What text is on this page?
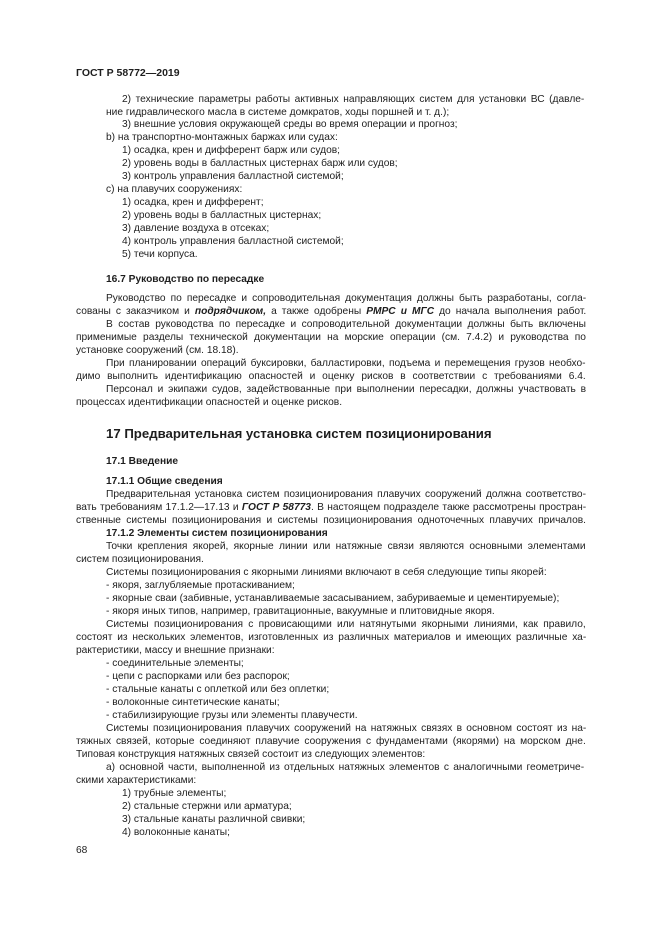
ГОСТ Р 58772—2019

2) технические параметры работы активных направляющих систем для установки ВС (давле-

ние гидравлического масла в системе домкратов, ходы поршней и т. д.);

3) внешние условия окружающей среды во время операции и прогноз;

b) на транспортно-монтажных баржах или судах:

1) осадка, крен и дифферент барж или судов;

2) уровень воды в балластных цистернах барж или судов;

3) контроль управления балластной системой;

c) на плавучих сооружениях:

1) осадка, крен и дифферент;

2) уровень воды в балластных цистернах;

3) давление воздуха в отсеках;

4) контроль управления балластной системой;

5) течи корпуса.

16.7 Руководство по пересадке

Руководство по пересадке и сопроводительная документация должны быть разработаны, согла-

сованы с заказчиком и подрядчиком, а также одобрены РМРС и МГС до начала выполнения работ.

В состав руководства по пересадке и сопроводительной документации должны быть включены

применимые разделы технической документации на морские операции (см. 7.4.2) и руководства по

установке сооружений (см. 18.18).

При планировании операций буксировки, балластировки, подъема и перемещения грузов необхо-

димо выполнить идентификацию опасностей и оценку рисков в соответствии с требованиями 6.4.

Персонал и экипажи судов, задействованные при выполнении пересадки, должны участвовать в

процессах идентификации опасностей и оценке рисков.

17 Предварительная установка систем позиционирования

17.1 Введение

17.1.1 Общие сведения

Предварительная установка систем позиционирования плавучих сооружений должна соответство-

вать требованиям 17.1.2—17.13 и ГОСТ Р 58773. В настоящем подразделе также рассмотрены простран-

ственные системы позиционирования и системы позиционирования одноточечных плавучих причалов.

17.1.2 Элементы систем позиционирования

Точки крепления якорей, якорные линии или натяжные связи являются основными элементами

систем позиционирования.

Системы позиционирования с якорными линиями включают в себя следующие типы якорей:

- якоря, заглубляемые протаскиванием;

- якорные сваи (забивные, устанавливаемые засасыванием, забуриваемые и цементируемые);

- якоря иных типов, например, гравитационные, вакуумные и плитовидные якоря.

Системы позиционирования с провисающими или натянутыми якорными линиями, как правило,

состоят из нескольких элементов, изготовленных из различных материалов и имеющих различные ха-

рактеристики, массу и внешние признаки:

- соединительные элементы;

- цепи с распорками или без распорок;

- стальные канаты с оплеткой или без оплетки;

- волоконные синтетические канаты;

- стабилизирующие грузы или элементы плавучести.

Системы позиционирования плавучих сооружений на натяжных связях в основном состоят из на-

тяжных связей, которые соединяют плавучие сооружения с фундаментами (якорями) на морском дне.

Типовая конструкция натяжных связей состоит из следующих элементов:

a) основной части, выполненной из отдельных натяжных элементов с аналогичными геометриче-

скими характеристиками:

1) трубные элементы;

2) стальные стержни или арматура;

3) стальные канаты различной свивки;

4) волоконные канаты;

68
